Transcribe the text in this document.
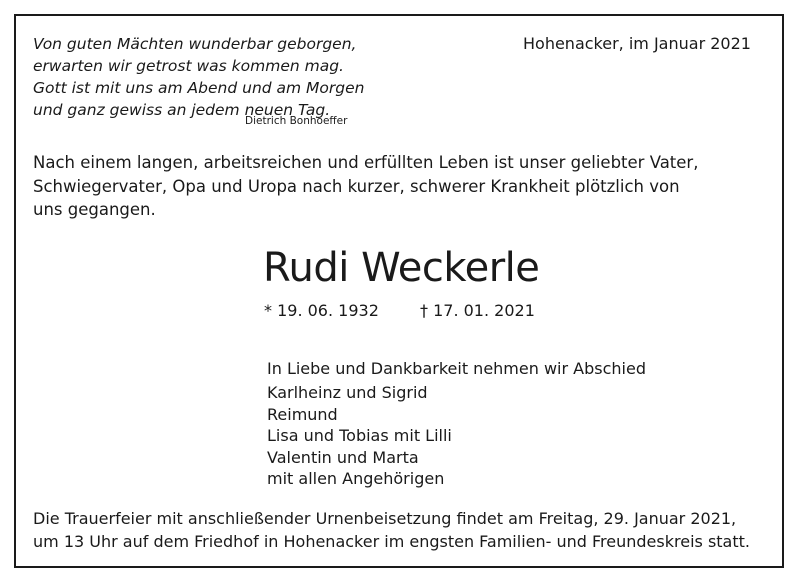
Von guten Mächten wunderbar geborgen,
erwarten wir getrost was kommen mag.
Gott ist mit uns am Abend und am Morgen
und ganz gewiss an jedem neuen Tag.
Dietrich Bonhoeffer
Hohenacker, im Januar 2021
Nach einem langen, arbeitsreichen und erfüllten Leben ist unser geliebter Vater,
Schwiegervater, Opa und Uropa nach kurzer, schwerer Krankheit plötzlich von
uns gegangen.
Rudi Weckerle
* 19. 06. 1932	† 17. 01. 2021
In Liebe und Dankbarkeit nehmen wir Abschied
Karlheinz und Sigrid
Reimund
Lisa und Tobias mit Lilli
Valentin und Marta
mit allen Angehörigen
Die Trauerfeier mit anschließender Urnenbeisetzung findet am Freitag, 29. Januar 2021,
um 13 Uhr auf dem Friedhof in Hohenacker im engsten Familien- und Freundeskreis statt.
